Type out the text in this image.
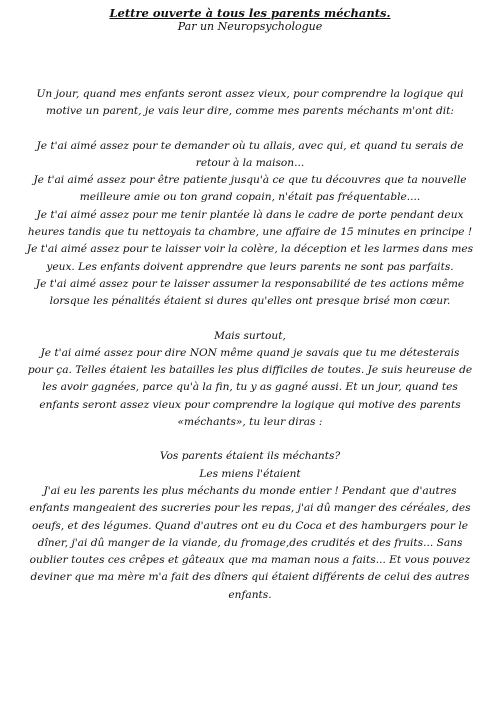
Lettre ouverte à tous les parents méchants.

Par un Neuropsychologue

Un jour, quand mes enfants seront assez vieux, pour comprendre la logique qui
motive un parent, je vais leur dire, comme mes parents méchants m'ont dit:
Je t'ai aimé assez pour te demander où tu allais, avec qui, et quand tu serais de
retour à la maison...
Je t'ai aimé assez pour être patiente jusqu'à ce que tu découvres que ta nouvelle
meilleure amie ou ton grand copain, n'était pas fréquentable....
Je t'ai aimé assez pour me tenir plantée là dans le cadre de porte pendant deux
heures tandis que tu nettoyais ta chambre, une affaire de 15 minutes en principe !
Je t'ai aimé assez pour te laisser voir la colère, la déception et les larmes dans mes
yeux. Les enfants doivent apprendre que leurs parents ne sont pas parfaits.
Je t'ai aimé assez pour te laisser assumer la responsabilité de tes actions même
lorsque les pénalités étaient si dures qu'elles ont presque brisé mon cœur.
Mais surtout,
Je t'ai aimé assez pour dire NON même quand je savais que tu me détesterais
pour ça. Telles étaient les batailles les plus difficiles de toutes. Je suis heureuse de
les avoir gagnées, parce qu'à la fin, tu y as gagné aussi. Et un jour, quand tes
enfants seront assez vieux pour comprendre la logique qui motive des parents
«méchants», tu leur diras :
Vos parents étaient ils méchants?
Les miens l'étaient
J'ai eu les parents les plus méchants du monde entier ! Pendant que d'autres
enfants mangeaient des sucreries pour les repas, j'ai dû manger des céréales, des
oeufs, et des légumes. Quand d'autres ont eu du Coca et des hamburgers pour le
dîner, j'ai dû manger de la viande, du fromage,des crudités et des fruits... Sans
oublier toutes ces crêpes et gâteaux que ma maman nous a faits... Et vous pouvez
deviner que ma mère m'a fait des dîners qui étaient différents de celui des autres
enfants.
